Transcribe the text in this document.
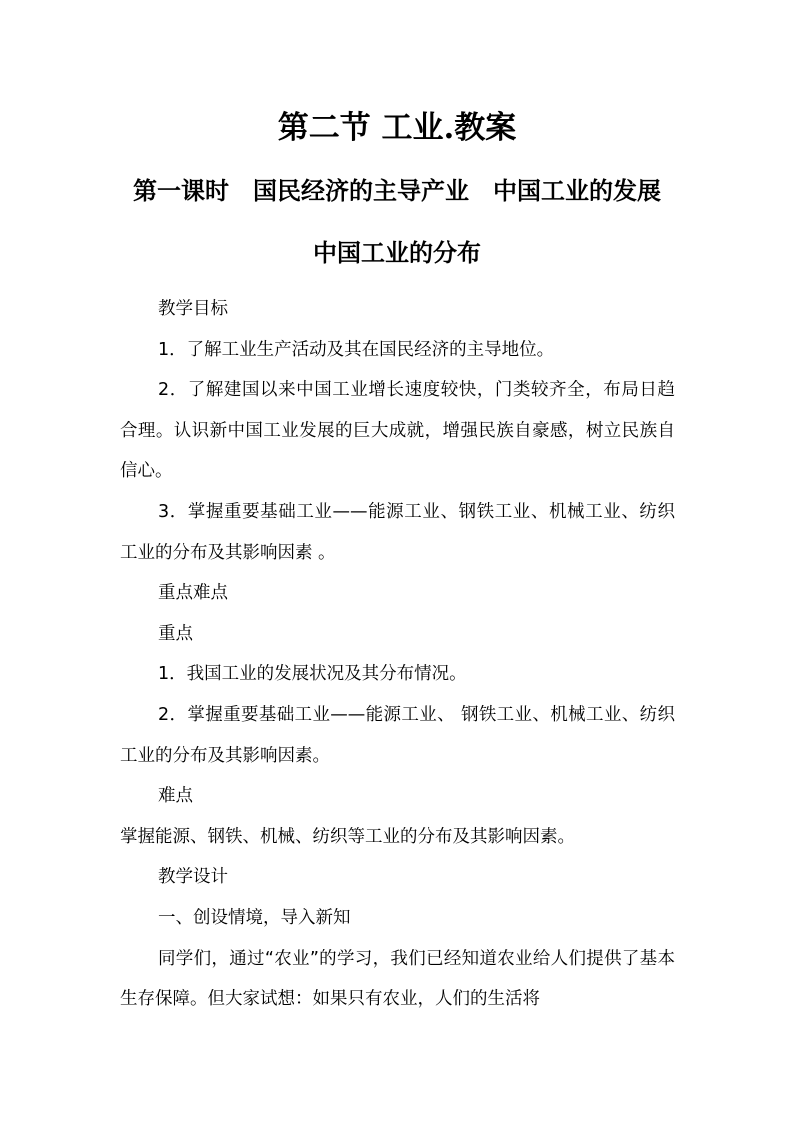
第二节 工业.教案
第一课时　国民经济的主导产业　中国工业的发展
中国工业的分布

教学目标

1．了解工业生产活动及其在国民经济的主导地位。

2．了解建国以来中国工业增长速度较快，门类较齐全，布局日趋合理。认识新中国工业发展的巨大成就，增强民族自豪感，树立民族自信心。

3．掌握重要基础工业——能源工业、钢铁工业、机械工业、纺织工业的分布及其影响因素 。

重点难点

重点

1．我国工业的发展状况及其分布情况。

2．掌握重要基础工业——能源工业、 钢铁工业、机械工业、纺织工业的分布及其影响因素。

难点

掌握能源、钢铁、机械、纺织等工业的分布及其影响因素。

教学设计

一、创设情境，导入新知

同学们，通过“农业”的学习，我们已经知道农业给人们提供了基本生存保障。但大家试想：如果只有农业，人们的生活将
